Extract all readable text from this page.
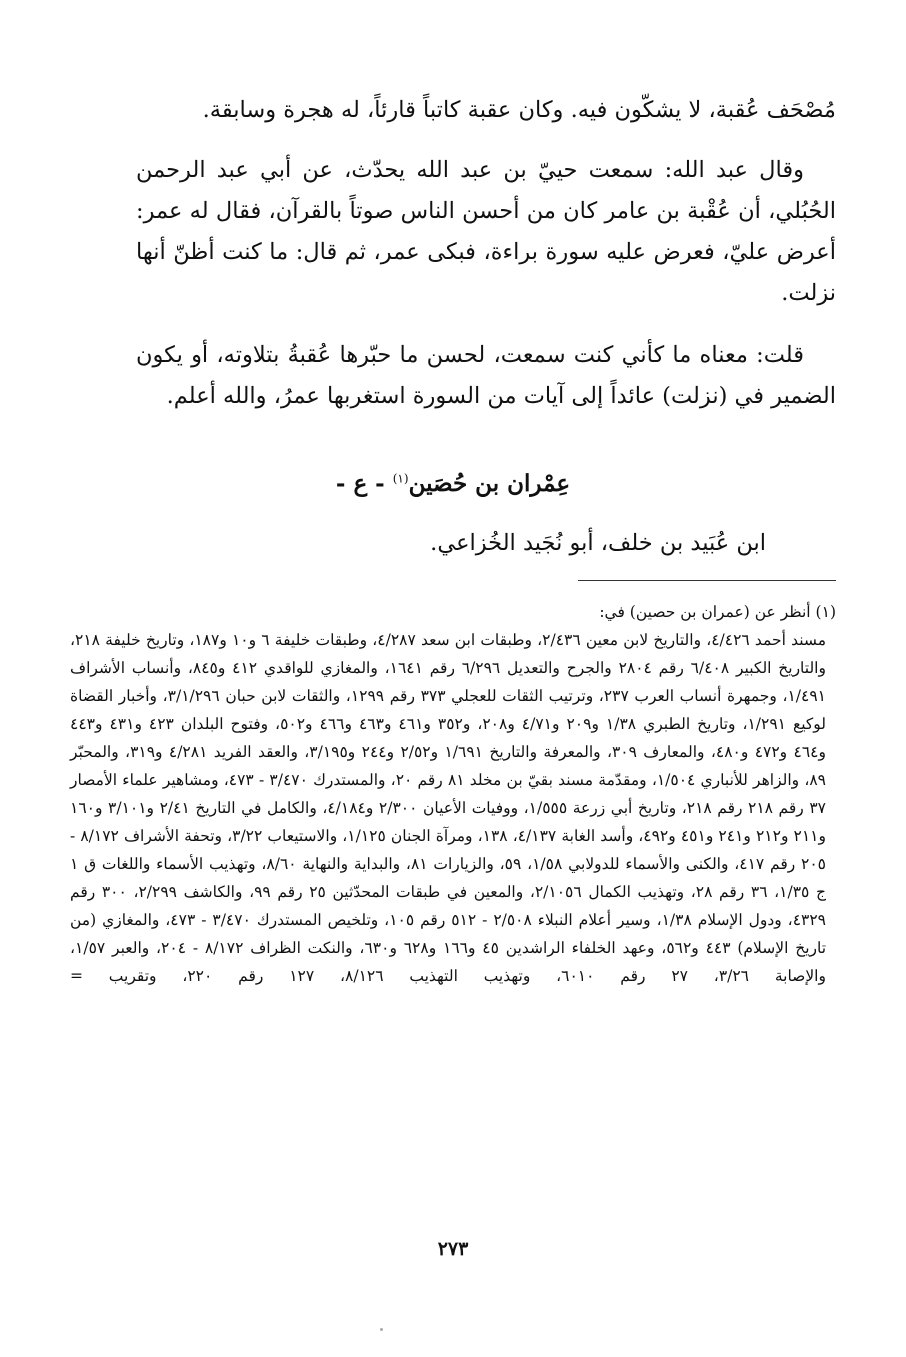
مُصْحَف عُقبة، لا يشكّون فيه. وكان عقبة كاتباً قارئاً، له هجرة وسابقة.

وقال عبد الله: سمعت حييّ بن عبد الله يحدّث، عن أبي عبد الرحمن الحُبُلي، أن عُقْبة بن عامر كان من أحسن الناس صوتاً بالقرآن، فقال له عمر: أعرض عليّ، فعرض عليه سورة براءة، فبكى عمر، ثم قال: ما كنت أظنّ أنها نزلت.

قلت: معناه ما كأني كنت سمعت، لحسن ما حبّرها عُقبةُ بتلاوته، أو يكون الضمير في (نزلت) عائداً إلى آيات من السورة استغربها عمرُ، والله أعلم.

عِمْران بن حُصَين$^{(١)}$ - ع -
ابن عُبَيد بن خلف، أبو نُجَيد الخُزاعي.

(١) أنظر عن (عمران بن حصين) في:

مسند أحمد ٤/٤٢٦، والتاريخ لابن معين ٢/٤٣٦، وطبقات ابن سعد ٤/٢٨٧، وطبقات خليفة ٦ و١٠ و١٨٧، وتاريخ خليفة ٢١٨، والتاريخ الكبير ٦/٤٠٨ رقم ٢٨٠٤ والجرح والتعديل ٦/٢٩٦ رقم ١٦٤١، والمغازي للواقدي ٤١٢ و٨٤٥، وأنساب الأشراف ١/٤٩١، وجمهرة أنساب العرب ٢٣٧، وترتيب الثقات للعجلي ٣٧٣ رقم ١٢٩٩، والثقات لابن حبان ٣/١/٢٩٦، وأخبار القضاة لوكيع ١/٢٩١، وتاريخ الطبري ١/٣٨ و٢٠٩ و٤/٧١ و٢٠٨، و٣٥٢ و٤٦١ و٤٦٣ و٤٦٦ و٥٠٢، وفتوح البلدان ٤٢٣ و٤٣١ و٤٤٣ و٤٦٤ و٤٧٢ و٤٨٠، والمعارف ٣٠٩، والمعرفة والتاريخ ١/٦٩١ و٢/٥٢ و٢٤٤ و٣/١٩٥، والعقد الفريد ٤/٢٨١ و٣١٩، والمحبّر ٨٩، والزاهر للأنباري ١/٥٠٤، ومقدّمة مسند بقيّ بن مخلد ٨١ رقم ٢٠، والمستدرك ٣/٤٧٠ - ٤٧٣، ومشاهير علماء الأمصار ٣٧ رقم ٢١٨ رقم ٢١٨، وتاريخ أبي زرعة ١/٥٥٥، ووفيات الأعيان ٢/٣٠٠ و٤/١٨٤، والكامل في التاريخ ٢/٤١ و٣/١٠١ و١٦٠ و٢١١ و٢١٢ و٢٤١ و٤٥١ و٤٩٢، وأسد الغابة ٤/١٣٧، ١٣٨، ومرآة الجنان ١/١٢٥، والاستيعاب ٣/٢٢، وتحفة الأشراف ٨/١٧٢ - ٢٠٥ رقم ٤١٧، والكنى والأسماء للدولابي ١/٥٨، ٥٩، والزيارات ٨١، والبداية والنهاية ٨/٦٠، وتهذيب الأسماء واللغات ق ١ ج ١/٣٥، ٣٦ رقم ٢٨، وتهذيب الكمال ٢/١٠٥٦، والمعين في طبقات المحدّثين ٢٥ رقم ٩٩، والكاشف ٢/٢٩٩، ٣٠٠ رقم ٤٣٢٩، ودول الإسلام ١/٣٨، وسير أعلام النبلاء ٢/٥٠٨ - ٥١٢ رقم ١٠٥، وتلخيص المستدرك ٣/٤٧٠ - ٤٧٣، والمغازي (من تاريخ الإسلام) ٤٤٣ و٥٦٢، وعهد الخلفاء الراشدين ٤٥ و١٦٦ و٦٢٨ و٦٣٠، والنكت الظراف ٨/١٧٢ - ٢٠٤، والعبر ١/٥٧، والإصابة ٣/٢٦، ٢٧ رقم ٦٠١٠، وتهذيب التهذيب ٨/١٢٦، ١٢٧ رقم ٢٢٠، وتقريب =

٢٧٣
